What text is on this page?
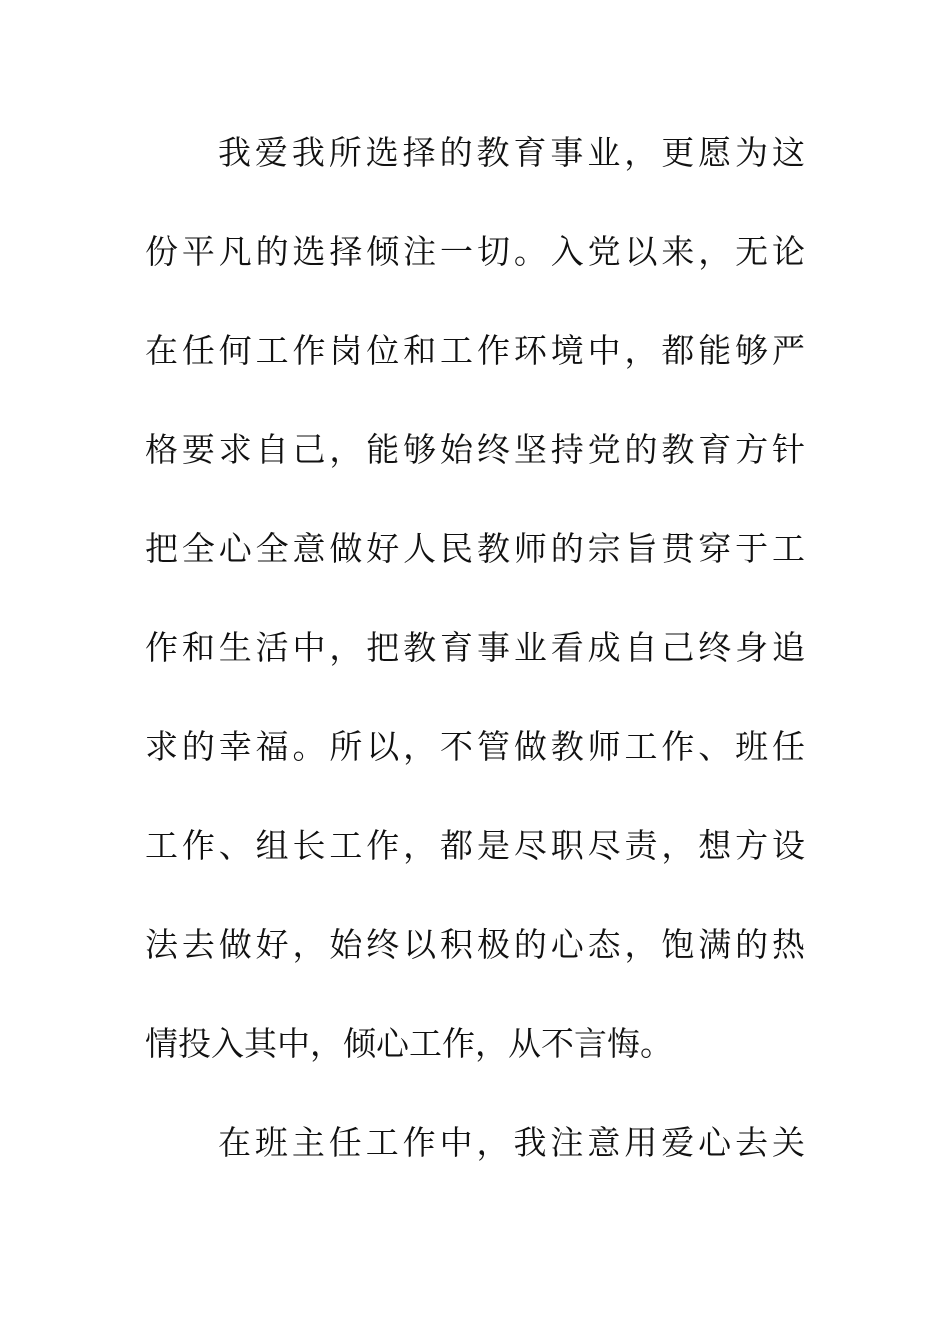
我爱我所选择的教育事业，更愿为这
份平凡的选择倾注一切。入党以来，无论
在任何工作岗位和工作环境中，都能够严
格要求自己，能够始终坚持党的教育方针
把全心全意做好人民教师的宗旨贯穿于工
作和生活中，把教育事业看成自己终身追
求的幸福。所以，不管做教师工作、班任
工作、组长工作，都是尽职尽责，想方设
法去做好，始终以积极的心态，饱满的热
情投入其中，倾心工作，从不言悔。
在班主任工作中，我注意用爱心去关
